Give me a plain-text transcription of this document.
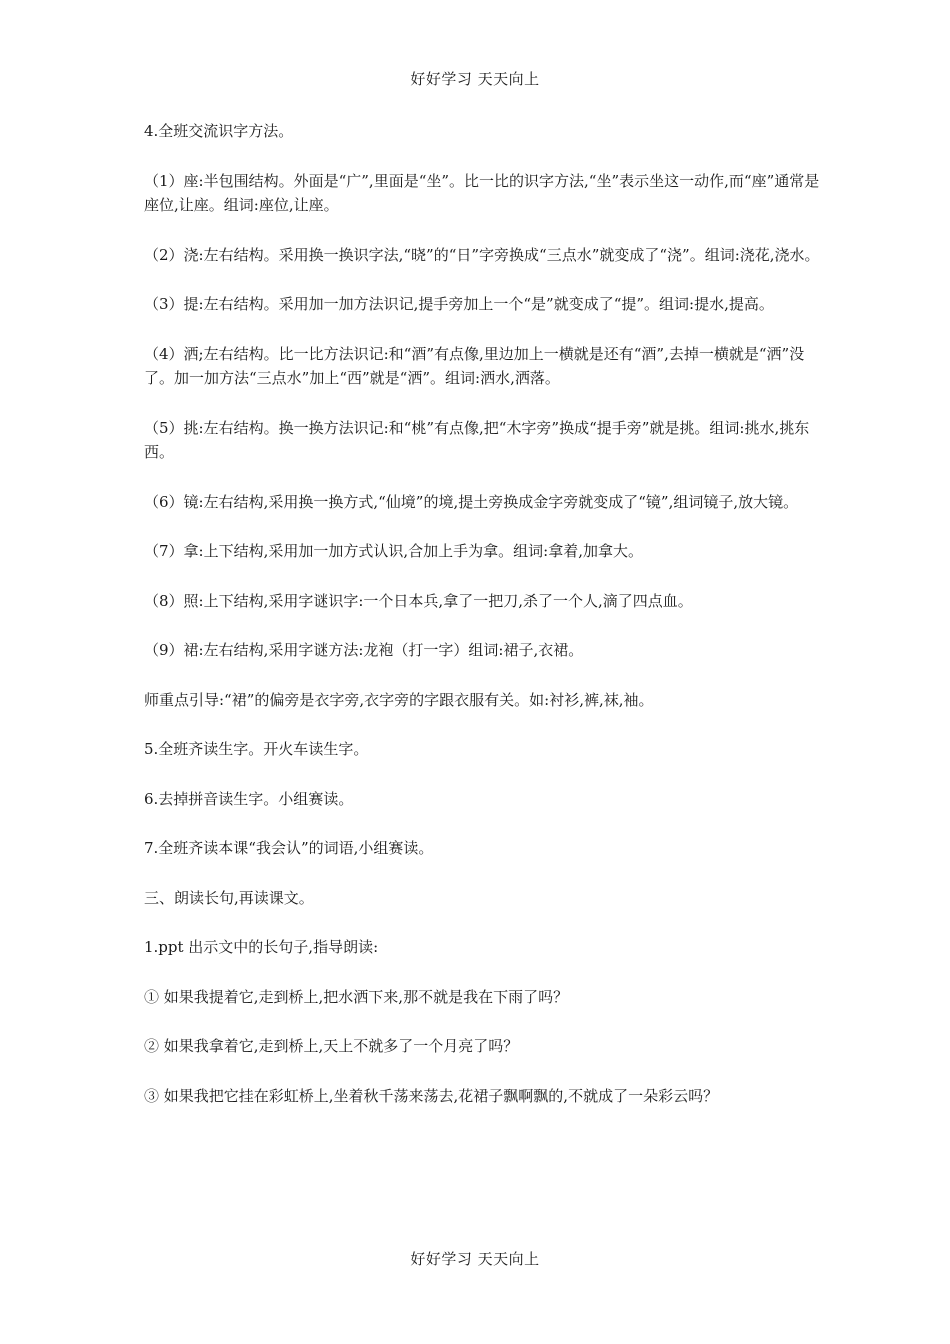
好好学习 天天向上

4.全班交流识字方法。

（1）座:半包围结构。外面是“广”,里面是“坐”。比一比的识字方法,“坐”表示坐这一动作,而“座”通常是座位,让座。组词:座位,让座。

（2）浇:左右结构。采用换一换识字法,“晓”的“日”字旁换成“三点水”就变成了“浇”。组词:浇花,浇水。

（3）提:左右结构。采用加一加方法识记,提手旁加上一个“是”就变成了“提”。组词:提水,提高。

（4）洒;左右结构。比一比方法识记:和“酒”有点像,里边加上一横就是还有“酒”,去掉一横就是“洒”没了。加一加方法“三点水”加上“西”就是“洒”。组词:洒水,洒落。

（5）挑:左右结构。换一换方法识记:和“桃”有点像,把“木字旁”换成“提手旁”就是挑。组词:挑水,挑东西。

（6）镜:左右结构,采用换一换方式,“仙境”的境,提土旁换成金字旁就变成了“镜”,组词镜子,放大镜。

（7）拿:上下结构,采用加一加方式认识,合加上手为拿。组词:拿着,加拿大。

（8）照:上下结构,采用字谜识字:一个日本兵,拿了一把刀,杀了一个人,滴了四点血。

（9）裙:左右结构,采用字谜方法:龙袍（打一字）组词:裙子,衣裙。

师重点引导:“裙”的偏旁是衣字旁,衣字旁的字跟衣服有关。如:衬衫,裤,袜,袖。

5.全班齐读生字。开火车读生字。

6.去掉拼音读生字。小组赛读。

7.全班齐读本课“我会认”的词语,小组赛读。

三、朗读长句,再读课文。

1.ppt 出示文中的长句子,指导朗读:

① 如果我提着它,走到桥上,把水洒下来,那不就是我在下雨了吗？

② 如果我拿着它,走到桥上,天上不就多了一个月亮了吗？

③ 如果我把它挂在彩虹桥上,坐着秋千荡来荡去,花裙子飘啊飘的,不就成了一朵彩云吗？

好好学习 天天向上
